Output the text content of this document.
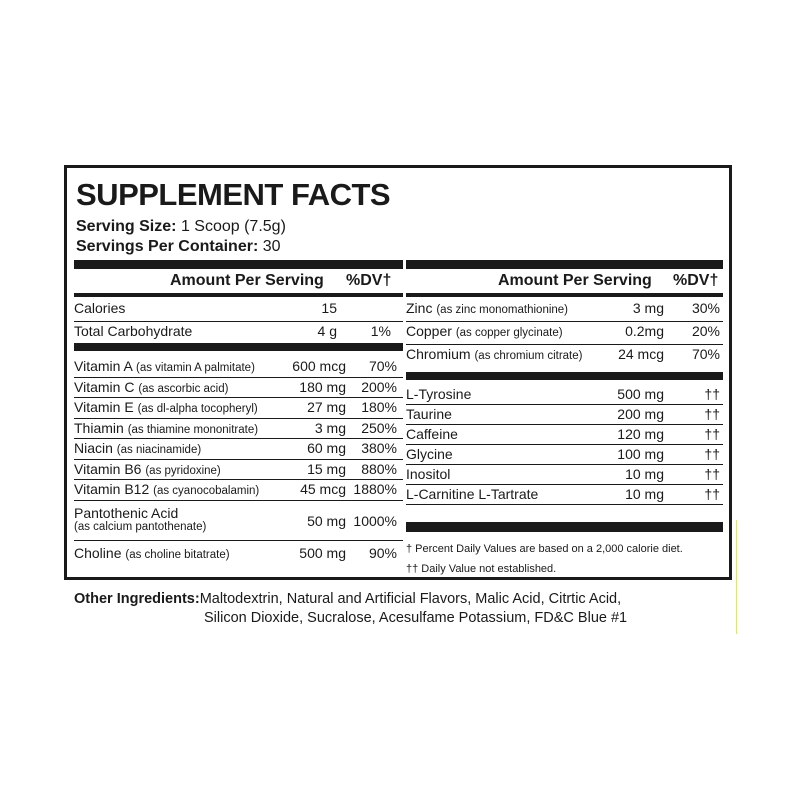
SUPPLEMENT FACTS
Serving Size: 1 Scoop (7.5g)
Servings Per Container: 30
Amount Per Serving %DV†
Calories	15
Total Carbohydrate	4 g 1%
Vitamin A (as vitamin A palmitate)	600 mcg 70%
Vitamin C (as ascorbic acid)	180 mg 200%
Vitamin E (as dl-alpha tocopheryl)	27 mg 180%
Thiamin (as thiamine mononitrate)	3 mg 250%
Niacin (as niacinamide)	60 mg 380%
Vitamin B6 (as pyridoxine)	15 mg 880%
Vitamin B12 (as cyanocobalamin)	45 mcg 1880%
Pantothenic Acid
(as calcium pantothenate)	50 mg 1000%
Choline (as choline bitatrate)	500 mg 90%
Amount Per Serving %DV†
Zinc (as zinc monomathionine)	3 mg 30%
Copper (as copper glycinate)	0.2mg 20%
Chromium (as chromium citrate)	24 mcg 70%
L-Tyrosine	500 mg	††
Taurine	200 mg	††
Caffeine	120 mg	††
Glycine	100 mg	††
Inositol	10 mg	††
L-Carnitine L-Tartrate	10 mg	††
† Percent Daily Values are based on a 2,000 calorie diet.
†† Daily Value not established.
Other Ingredients:Maltodextrin, Natural and Artificial Flavors, Malic Acid, Citrtic Acid,
Silicon Dioxide, Sucralose, Acesulfame Potassium, FD&C Blue #1
